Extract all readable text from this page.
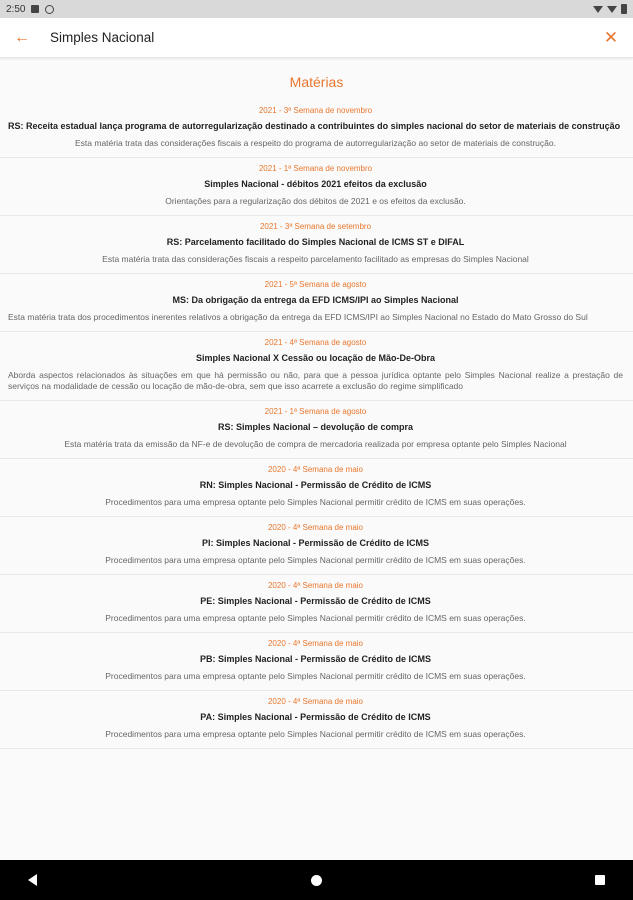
2:50
← Simples Nacional	✕
Matérias
2021 - 3ª Semana de novembro
RS: Receita estadual lança programa de autorregularização destinado a contribuintes do simples nacional do setor de materiais de construção
Esta matéria trata das considerações fiscais a respeito do programa de autorregularização ao setor de materiais de construção.
2021 - 1ª Semana de novembro
Simples Nacional - débitos 2021 efeitos da exclusão
Orientações para a regularização dos débitos de 2021 e os efeitos da exclusão.
2021 - 3ª Semana de setembro
RS: Parcelamento facilitado do Simples Nacional de ICMS ST e DIFAL
Esta matéria trata das considerações fiscais a respeito parcelamento facilitado as empresas do Simples Nacional
2021 - 5ª Semana de agosto
MS: Da obrigação da entrega da EFD ICMS/IPI ao Simples Nacional
Esta matéria trata dos procedimentos inerentes relativos a obrigação da entrega da EFD ICMS/IPI ao Simples Nacional no Estado do Mato Grosso do Sul
2021 - 4ª Semana de agosto
Simples Nacional X Cessão ou locação de Mão-De-Obra
Aborda aspectos relacionados às situações em que há permissão ou não, para que a pessoa jurídica optante pelo Simples Nacional realize a prestação de serviços na modalidade de cessão ou locação de mão-de-obra, sem que isso acarrete a exclusão do regime simplificado
2021 - 1ª Semana de agosto
RS: Simples Nacional – devolução de compra
Esta matéria trata da emissão da NF-e de devolução de compra de mercadoria realizada por empresa optante pelo Simples Nacional
2020 - 4ª Semana de maio
RN: Simples Nacional - Permissão de Crédito de ICMS
Procedimentos para uma empresa optante pelo Simples Nacional permitir crédito de ICMS em suas operações.
2020 - 4ª Semana de maio
PI: Simples Nacional - Permissão de Crédito de ICMS
Procedimentos para uma empresa optante pelo Simples Nacional permitir crédito de ICMS em suas operações.
2020 - 4ª Semana de maio
PE: Simples Nacional - Permissão de Crédito de ICMS
Procedimentos para uma empresa optante pelo Simples Nacional permitir crédito de ICMS em suas operações.
2020 - 4ª Semana de maio
PB: Simples Nacional - Permissão de Crédito de ICMS
Procedimentos para uma empresa optante pelo Simples Nacional permitir crédito de ICMS em suas operações.
2020 - 4ª Semana de maio
PA: Simples Nacional - Permissão de Crédito de ICMS
Procedimentos para uma empresa optante pelo Simples Nacional permitir crédito de ICMS em suas operações.
